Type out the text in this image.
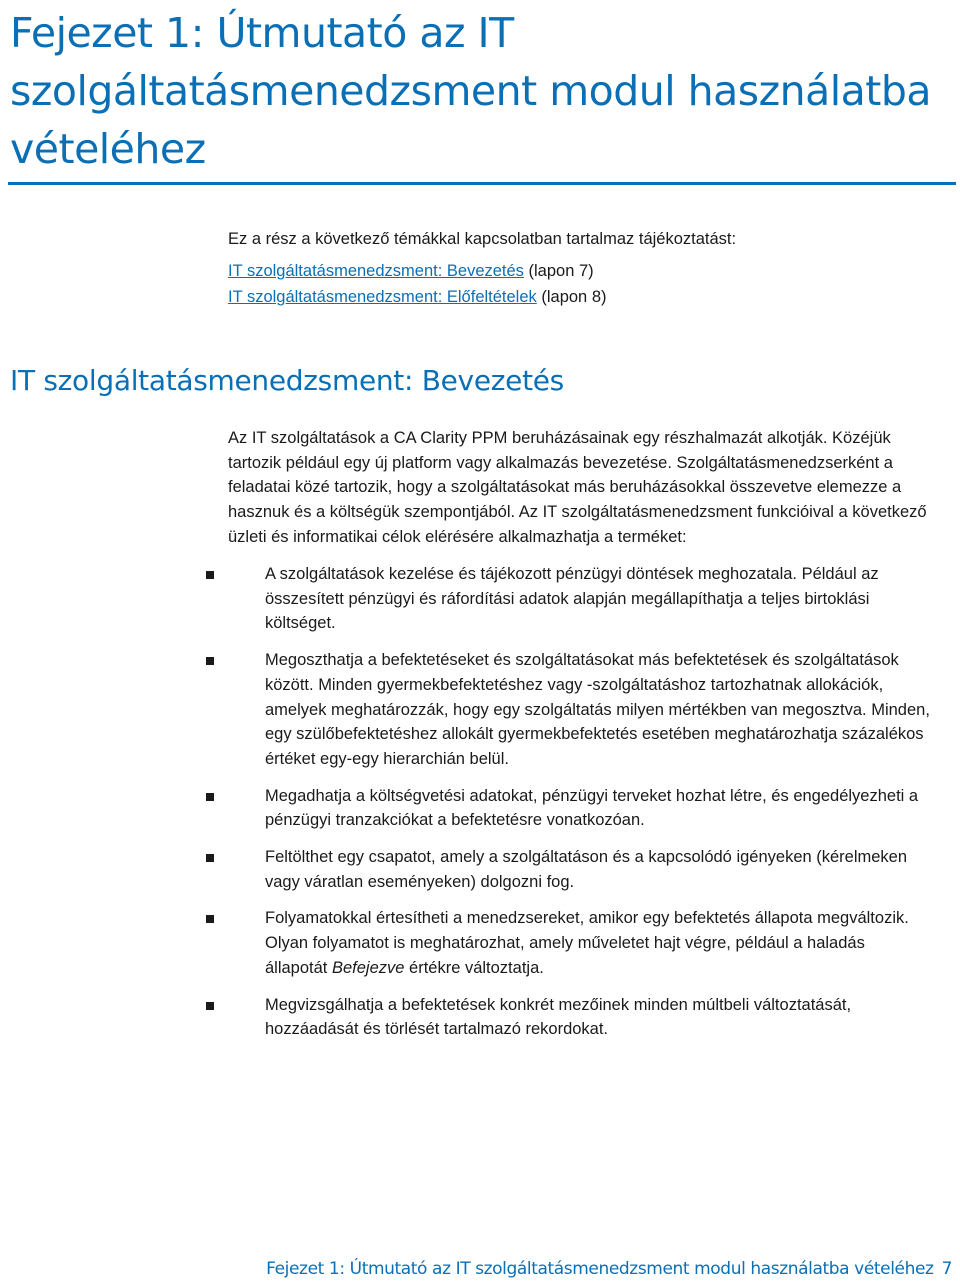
Fejezet 1: Útmutató az IT szolgáltatásmenedzsment modul használatba vételéhez

Ez a rész a következő témákkal kapcsolatban tartalmaz tájékoztatást:

IT szolgáltatásmenedzsment: Bevezetés (lapon 7)
IT szolgáltatásmenedzsment: Előfeltételek (lapon 8)
IT szolgáltatásmenedzsment: Bevezetés

Az IT szolgáltatások a CA Clarity PPM beruházásainak egy részhalmazát alkotják. Közéjük tartozik például egy új platform vagy alkalmazás bevezetése. Szolgáltatásmenedzserként a feladatai közé tartozik, hogy a szolgáltatásokat más beruházásokkal összevetve elemezze a hasznuk és a költségük szempontjából. Az IT szolgáltatásmenedzsment funkcióival a következő üzleti és informatikai célok elérésére alkalmazhatja a terméket:

A szolgáltatások kezelése és tájékozott pénzügyi döntések meghozatala. Például az összesített pénzügyi és ráfordítási adatok alapján megállapíthatja a teljes birtoklási költséget.
Megoszthatja a befektetéseket és szolgáltatásokat más befektetések és szolgáltatások között. Minden gyermekbefektetéshez vagy -szolgáltatáshoz tartozhatnak allokációk, amelyek meghatározzák, hogy egy szolgáltatás milyen mértékben van megosztva. Minden, egy szülőbefektetéshez allokált gyermekbefektetés esetében meghatározhatja százalékos értéket egy-egy hierarchián belül.
Megadhatja a költségvetési adatokat, pénzügyi terveket hozhat létre, és engedélyezheti a pénzügyi tranzakciókat a befektetésre vonatkozóan.
Feltölthet egy csapatot, amely a szolgáltatáson és a kapcsolódó igényeken (kérelmeken vagy váratlan eseményeken) dolgozni fog.
Folyamatokkal értesítheti a menedzsereket, amikor egy befektetés állapota megváltozik. Olyan folyamatot is meghatározhat, amely műveletet hajt végre, például a haladás állapotát Befejezve értékre változtatja.
Megvizsgálhatja a befektetések konkrét mezőinek minden múltbeli változtatását, hozzáadását és törlését tartalmazó rekordokat.
Fejezet 1: Útmutató az IT szolgáltatásmenedzsment modul használatba vételéhez 7
